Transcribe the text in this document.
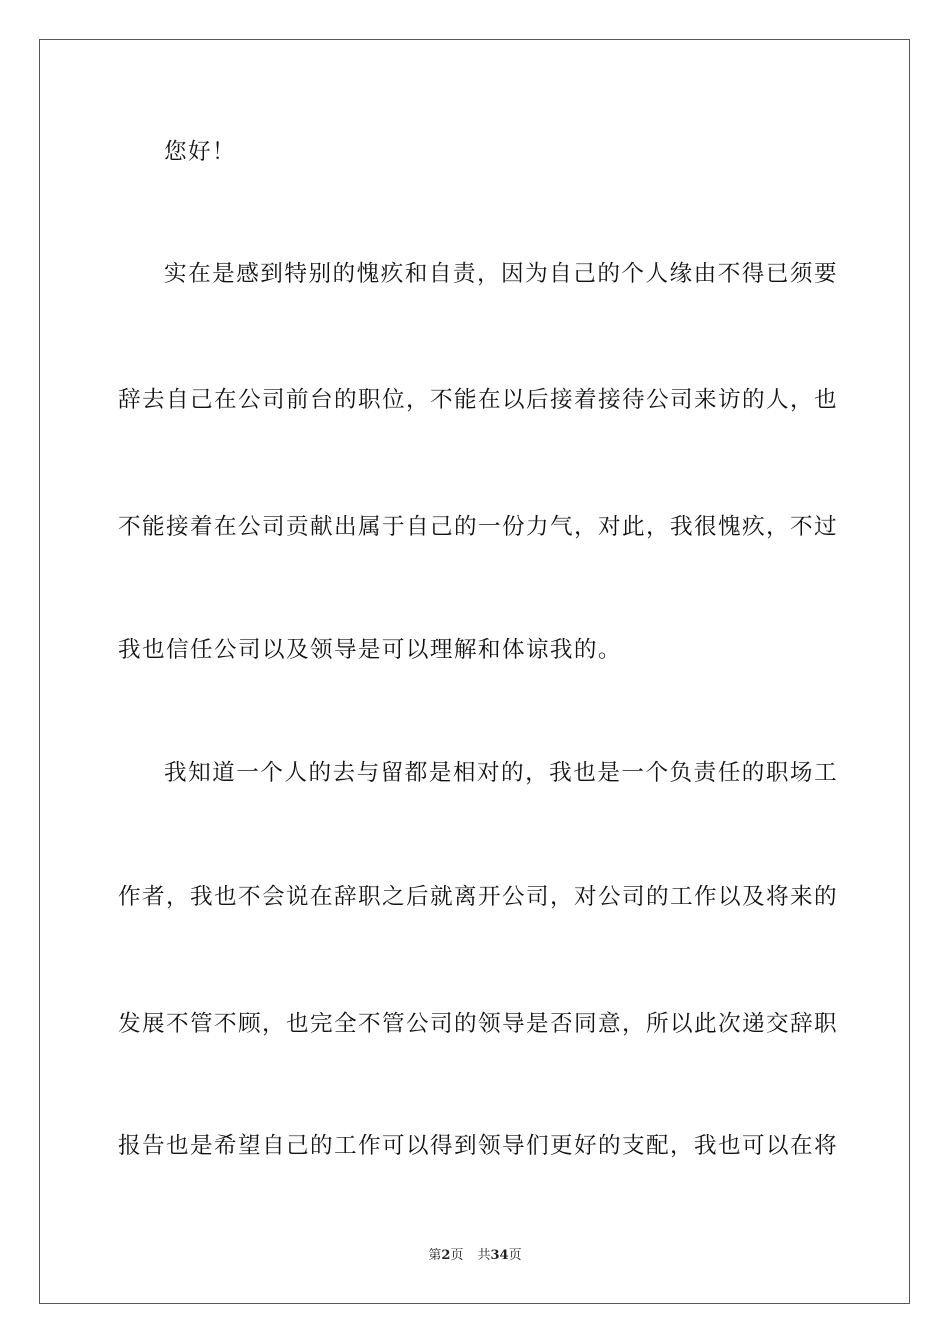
您好！
实在是感到特别的愧疚和自责，因为自己的个人缘由不得已须要
辞去自己在公司前台的职位，不能在以后接着接待公司来访的人，也
不能接着在公司贡献出属于自己的一份力气，对此，我很愧疚，不过
我也信任公司以及领导是可以理解和体谅我的。
我知道一个人的去与留都是相对的，我也是一个负责任的职场工
作者，我也不会说在辞职之后就离开公司，对公司的工作以及将来的
发展不管不顾，也完全不管公司的领导是否同意，所以此次递交辞职
报告也是希望自己的工作可以得到领导们更好的支配，我也可以在将
第2页 共34页
